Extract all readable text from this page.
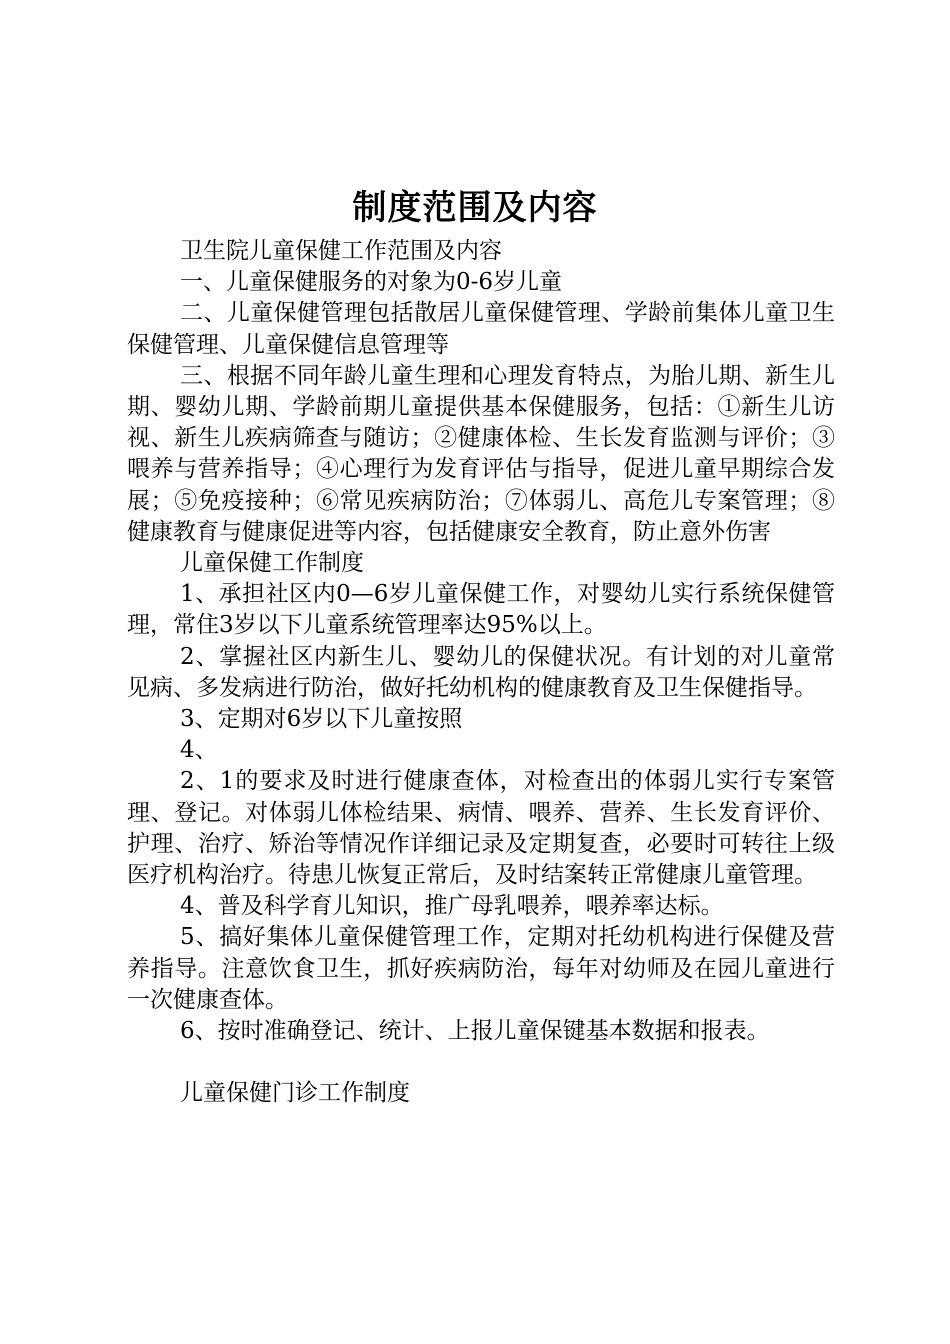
制度范围及内容

卫生院儿童保健工作范围及内容

一、儿童保健服务的对象为0-6岁儿童

二、儿童保健管理包括散居儿童保健管理、学龄前集体儿童卫生保健管理、儿童保健信息管理等

三、根据不同年龄儿童生理和心理发育特点，为胎儿期、新生儿期、婴幼儿期、学龄前期儿童提供基本保健服务，包括：①新生儿访视、新生儿疾病筛查与随访；②健康体检、生长发育监测与评价；③喂养与营养指导；④心理行为发育评估与指导，促进儿童早期综合发展；⑤免疫接种；⑥常见疾病防治；⑦体弱儿、高危儿专案管理；⑧健康教育与健康促进等内容，包括健康安全教育，防止意外伤害

儿童保健工作制度

1、承担社区内0—6岁儿童保健工作，对婴幼儿实行系统保健管理，常住3岁以下儿童系统管理率达95%以上。

2、掌握社区内新生儿、婴幼儿的保健状况。有计划的对儿童常见病、多发病进行防治，做好托幼机构的健康教育及卫生保健指导。

3、定期对6岁以下儿童按照

4、

2、1的要求及时进行健康查体，对检查出的体弱儿实行专案管理、登记。对体弱儿体检结果、病情、喂养、营养、生长发育评价、护理、治疗、矫治等情况作详细记录及定期复查，必要时可转往上级医疗机构治疗。待患儿恢复正常后，及时结案转正常健康儿童管理。

4、普及科学育儿知识，推广母乳喂养，喂养率达标。

5、搞好集体儿童保健管理工作，定期对托幼机构进行保健及营养指导。注意饮食卫生，抓好疾病防治，每年对幼师及在园儿童进行一次健康查体。

6、按时准确登记、统计、上报儿童保键基本数据和报表。

儿童保健门诊工作制度
